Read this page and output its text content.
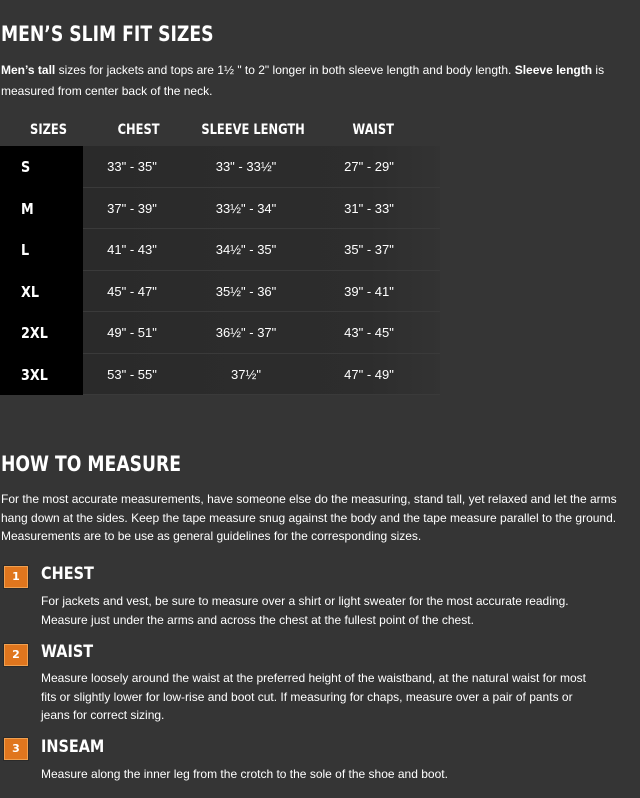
MEN’S SLIM FIT SIZES

Men’s tall sizes for jackets and tops are 1½ " to 2" longer in both sleeve length and body length. Sleeve length is measured from center back of the neck.

SIZES	CHEST	SLEEVE LENGTH	WAIST
S	33" - 35"	33" - 33½"	27" - 29"
M	37" - 39"	33½" - 34"	31" - 33"
L	41" - 43"	34½" - 35"	35" - 37"
XL	45" - 47"	35½" - 36"	39" - 41"
2XL	49" - 51"	36½" - 37"	43" - 45"
3XL	53" - 55"	37½"	47" - 49"
HOW TO MEASURE

For the most accurate measurements, have someone else do the measuring, stand tall, yet relaxed and let the arms hang down at the sides. Keep the tape measure snug against the body and the tape measure parallel to the ground. Measurements are to be use as general guidelines for the corresponding sizes.

1	CHEST

For jackets and vest, be sure to measure over a shirt or light sweater for the most accurate reading. Measure just under the arms and across the chest at the fullest point of the chest.

2	WAIST

Measure loosely around the waist at the preferred height of the waistband, at the natural waist for most fits or slightly lower for low-rise and boot cut. If measuring for chaps, measure over a pair of pants or jeans for correct sizing.

3	INSEAM

Measure along the inner leg from the crotch to the sole of the shoe and boot.
